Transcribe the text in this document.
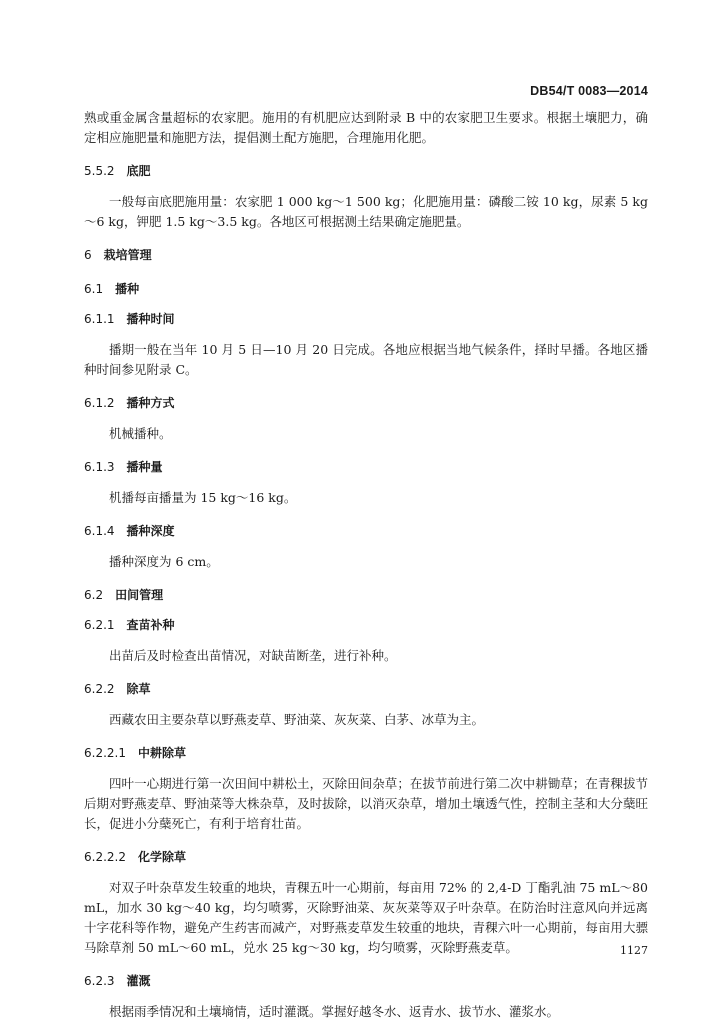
DB54/T 0083—2014

熟或重金属含量超标的农家肥。施用的有机肥应达到附录 B 中的农家肥卫生要求。根据土壤肥力，确定相应施肥量和施肥方法，提倡测土配方施肥，合理施用化肥。

5.5.2 底肥

一般每亩底肥施用量：农家肥 1 000 kg～1 500 kg；化肥施用量：磷酸二铵 10 kg，尿素 5 kg～6 kg，钾肥 1.5 kg～3.5 kg。各地区可根据测土结果确定施肥量。

6 栽培管理
6.1 播种
6.1.1 播种时间

播期一般在当年 10 月 5 日—10 月 20 日完成。各地应根据当地气候条件，择时早播。各地区播种时间参见附录 C。

6.1.2 播种方式

机械播种。

6.1.3 播种量

机播每亩播量为 15 kg～16 kg。

6.1.4 播种深度

播种深度为 6 cm。

6.2 田间管理
6.2.1 查苗补种

出苗后及时检查出苗情况，对缺苗断垄，进行补种。

6.2.2 除草

西藏农田主要杂草以野燕麦草、野油菜、灰灰菜、白茅、冰草为主。

6.2.2.1 中耕除草

四叶一心期进行第一次田间中耕松土，灭除田间杂草；在拔节前进行第二次中耕锄草；在青稞拔节后期对野燕麦草、野油菜等大株杂草，及时拔除，以消灭杂草，增加土壤透气性，控制主茎和大分蘖旺长，促进小分蘖死亡，有利于培育壮苗。

6.2.2.2 化学除草

对双子叶杂草发生较重的地块，青稞五叶一心期前，每亩用 72% 的 2,4-D 丁酯乳油 75 mL～80 mL，加水 30 kg～40 kg，均匀喷雾，灭除野油菜、灰灰菜等双子叶杂草。在防治时注意风向并远离十字花科等作物，避免产生药害而减产，对野燕麦草发生较重的地块，青稞六叶一心期前，每亩用大骠马除草剂 50 mL～60 mL，兑水 25 kg～30 kg，均匀喷雾，灭除野燕麦草。

6.2.3 灌溉

根据雨季情况和土壤墒情，适时灌溉。掌握好越冬水、返青水、拔节水、灌浆水。

1127
